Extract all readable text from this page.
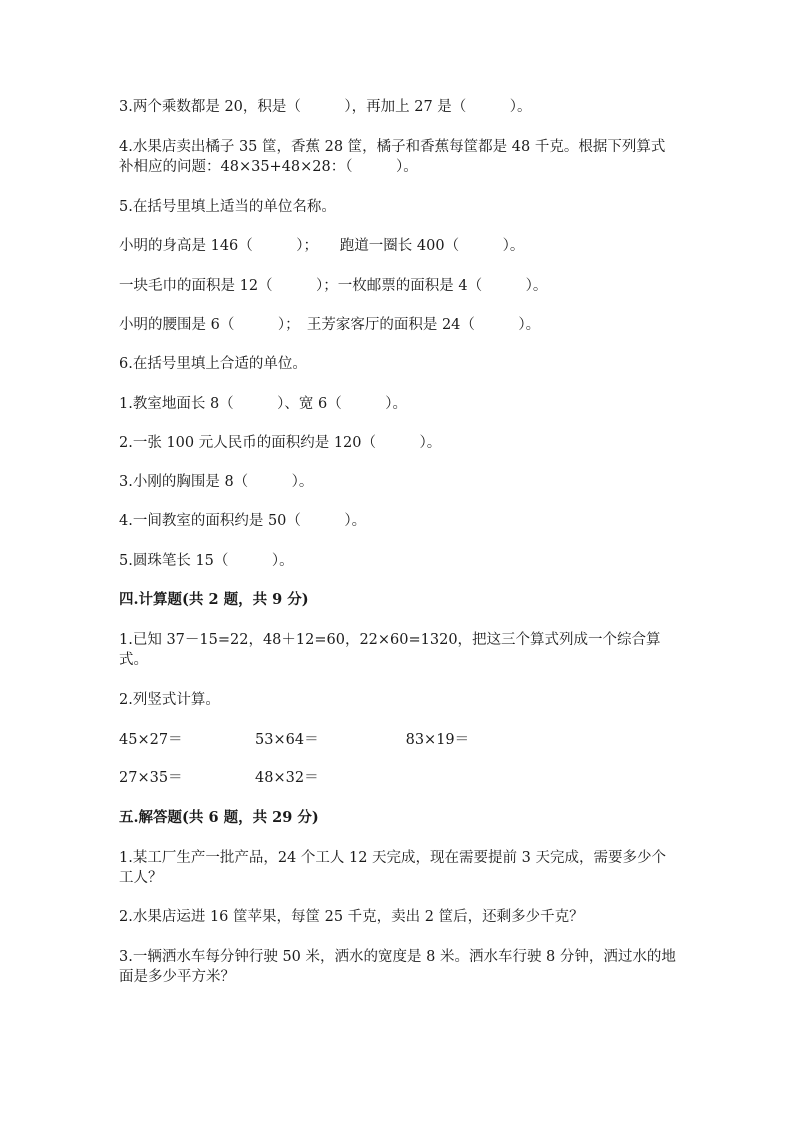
3.两个乘数都是 20，积是（　　　），再加上 27 是（　　　）。
4.水果店卖出橘子 35 筐，香蕉 28 筐，橘子和香蕉每筐都是 48 千克。根据下列算式补相应的问题：48×35+48×28：（　　　）。
5.在括号里填上适当的单位名称。
小明的身高是 146（　　　）；　　跑道一圈长 400（　　　）。
一块毛巾的面积是 12（　　　）；一枚邮票的面积是 4（　　　）。
小明的腰围是 6（　　　）；　王芳家客厅的面积是 24（　　　）。
6.在括号里填上合适的单位。
1.教室地面长 8（　　　）、宽 6（　　　）。
2.一张 100 元人民币的面积约是 120（　　　）。
3.小刚的胸围是 8（　　　）。
4.一间教室的面积约是 50（　　　）。
5.圆珠笔长 15（　　　）。
四.计算题(共 2 题，共 9 分)
1.已知 37－15=22，48＋12=60，22×60=1320，把这三个算式列成一个综合算式。
2.列竖式计算。
45×27＝　　　　　53×64＝　　　　　　83×19＝
27×35＝　　　　　48×32＝
五.解答题(共 6 题，共 29 分)
1.某工厂生产一批产品，24 个工人 12 天完成，现在需要提前 3 天完成，需要多少个工人？
2.水果店运进 16 筐苹果，每筐 25 千克，卖出 2 筐后，还剩多少千克？
3.一辆洒水车每分钟行驶 50 米，洒水的宽度是 8 米。洒水车行驶 8 分钟，洒过水的地面是多少平方米？
